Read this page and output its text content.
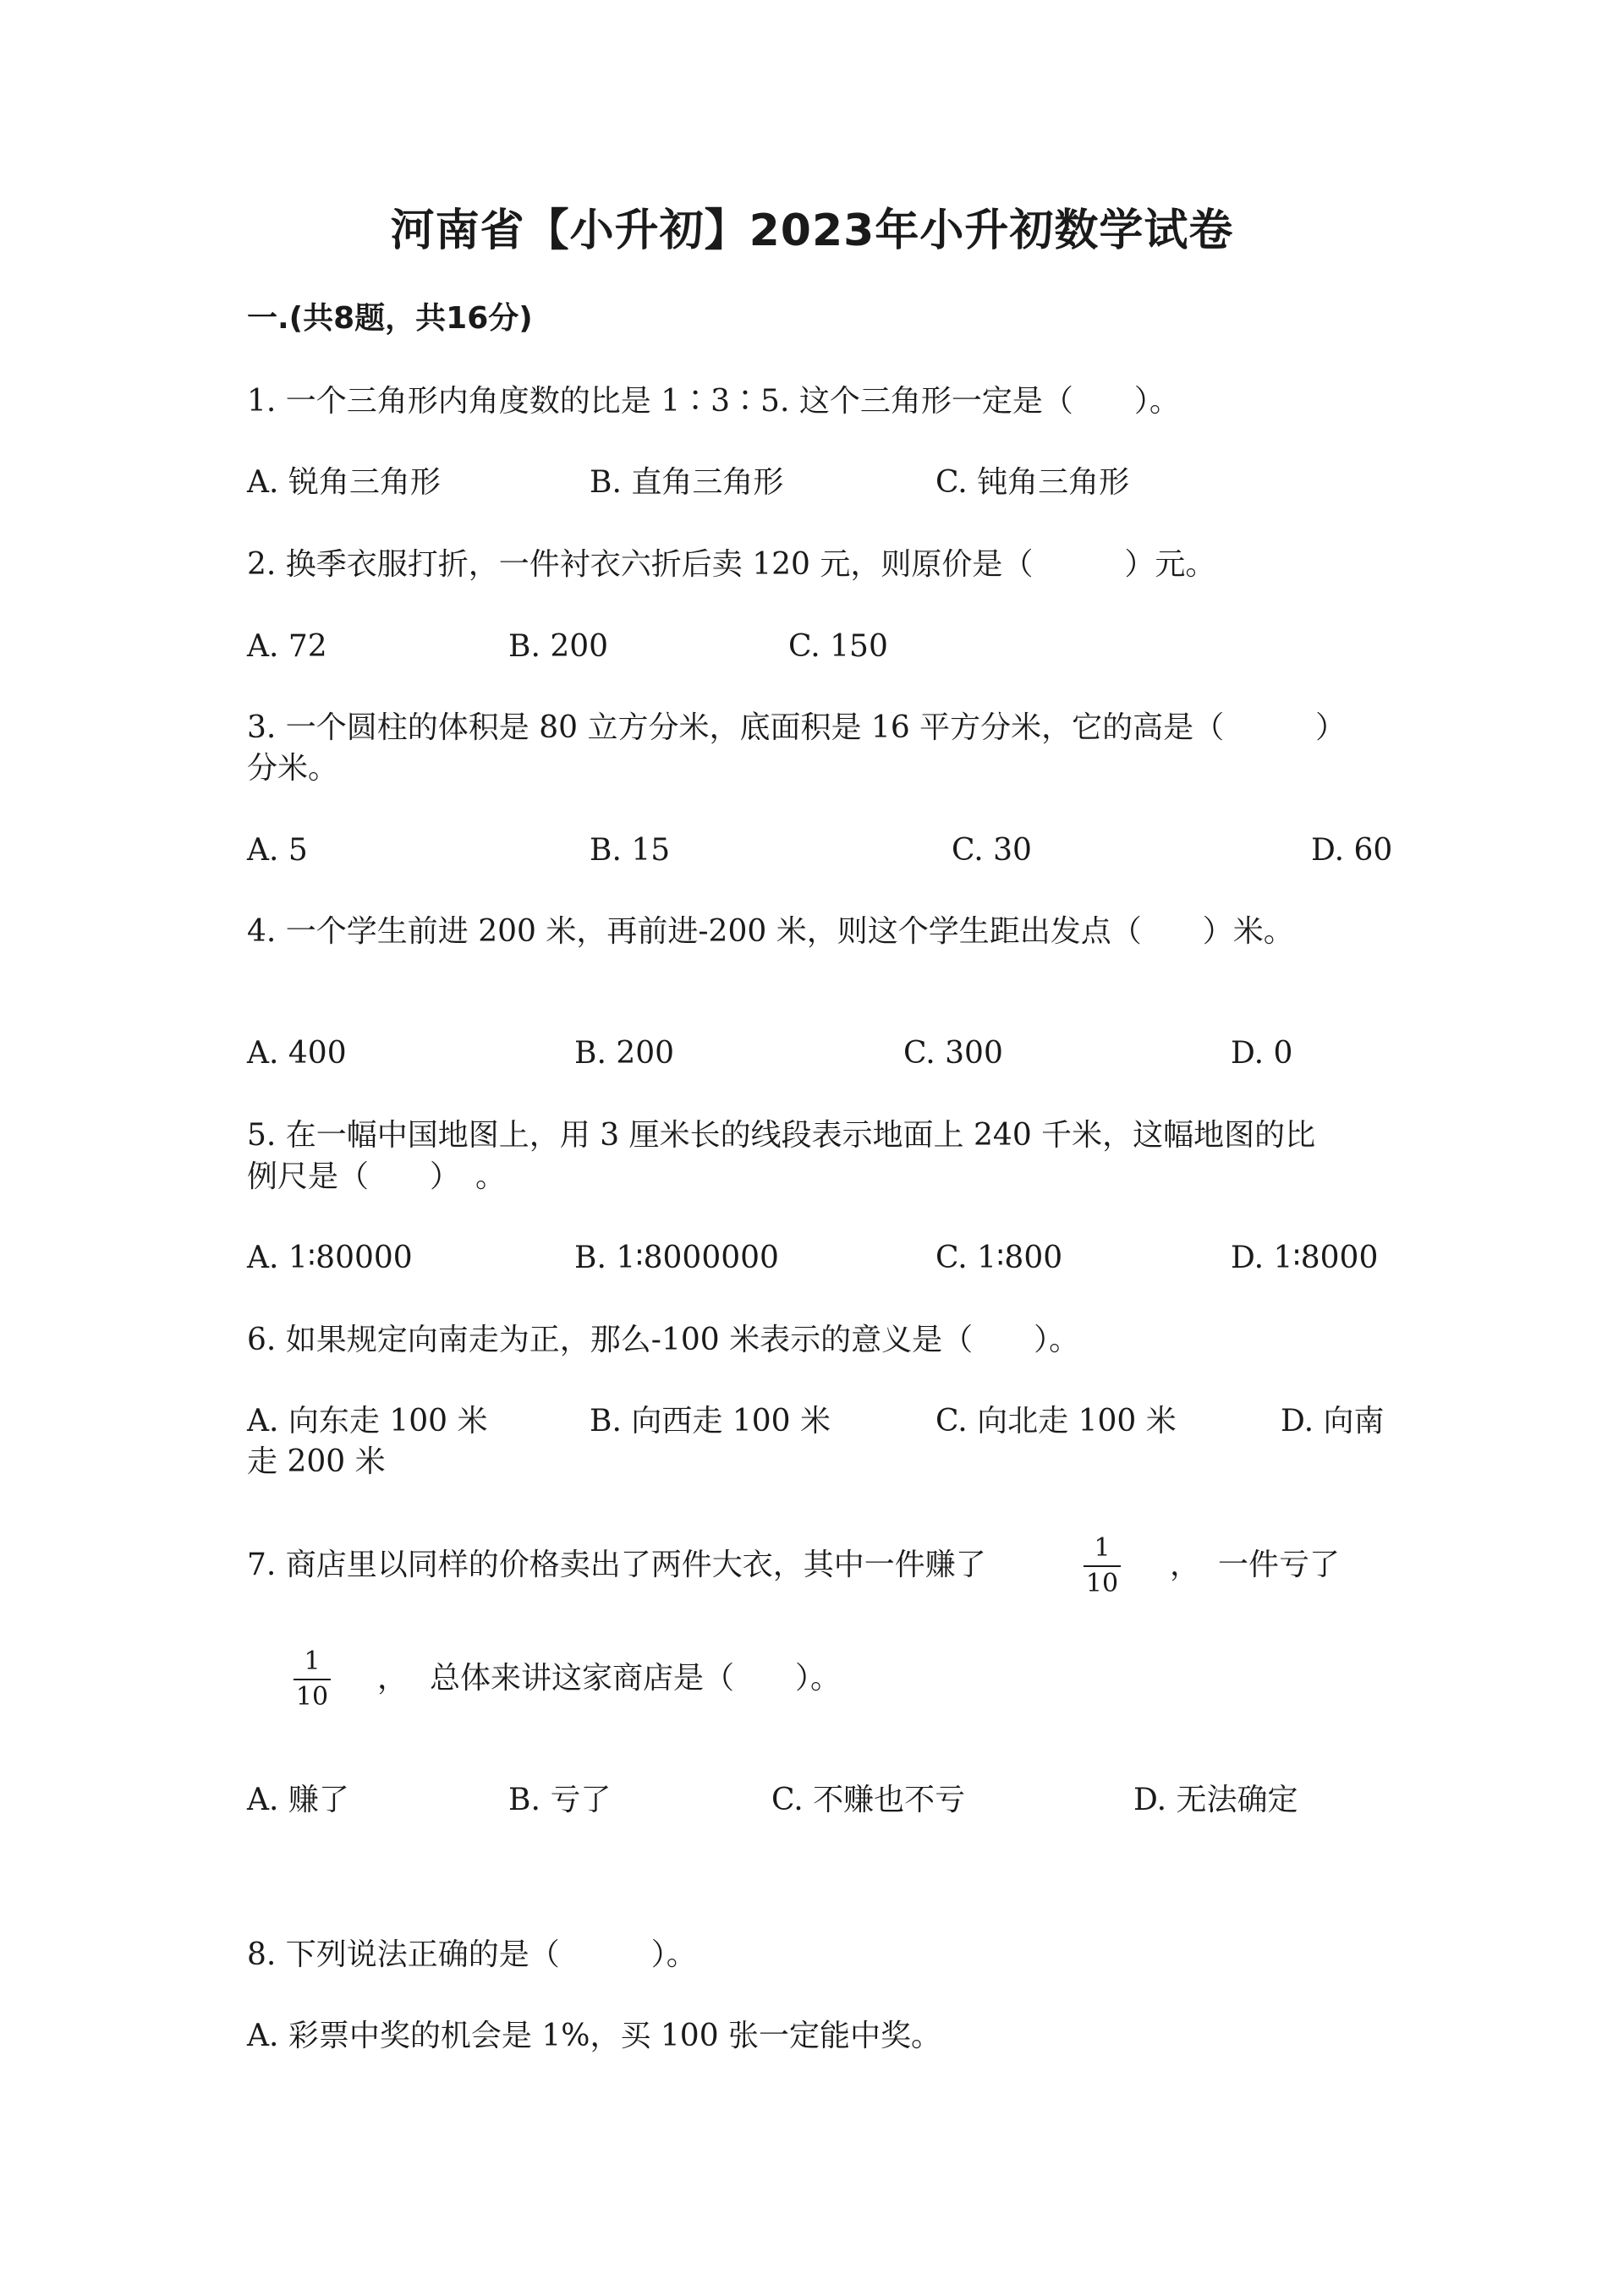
河南省【小升初】2023年小升初数学试卷
一.(共8题，共16分)
1. 一个三角形内角度数的比是 1∶3∶5. 这个三角形一定是（　　）。
A. 锐角三角形	B. 直角三角形	C. 钝角三角形
2. 换季衣服打折，一件衬衣六折后卖 120 元，则原价是（　　　）元。
A. 72	B. 200	C. 150
3. 一个圆柱的体积是 80 立方分米，底面积是 16 平方分米，它的高是（　　　）
分米。
A. 5	B. 15	C. 30	D. 60
4. 一个学生前进 200 米，再前进-200 米，则这个学生距出发点（　　）米。
A. 400	B. 200	C. 300	D. 0
5. 在一幅中国地图上，用 3 厘米长的线段表示地面上 240 千米，这幅地图的比
例尺是（　　）　。
A. 1∶80000	B. 1∶8000000	C. 1∶800	D. 1∶8000
6. 如果规定向南走为正，那么-100 米表示的意义是（　　）。
A. 向东走 100 米	B. 向西走 100 米	C. 向北走 100 米	D. 向南
走 200 米
7. 商店里以同样的价格卖出了两件大衣，其中一件赚了	1
10
， 一件亏了
1
10
， 总体来讲这家商店是（　　）。
A. 赚了	B. 亏了	C. 不赚也不亏	D. 无法确定
8. 下列说法正确的是（　　　）。
A. 彩票中奖的机会是 1%，买 100 张一定能中奖。
